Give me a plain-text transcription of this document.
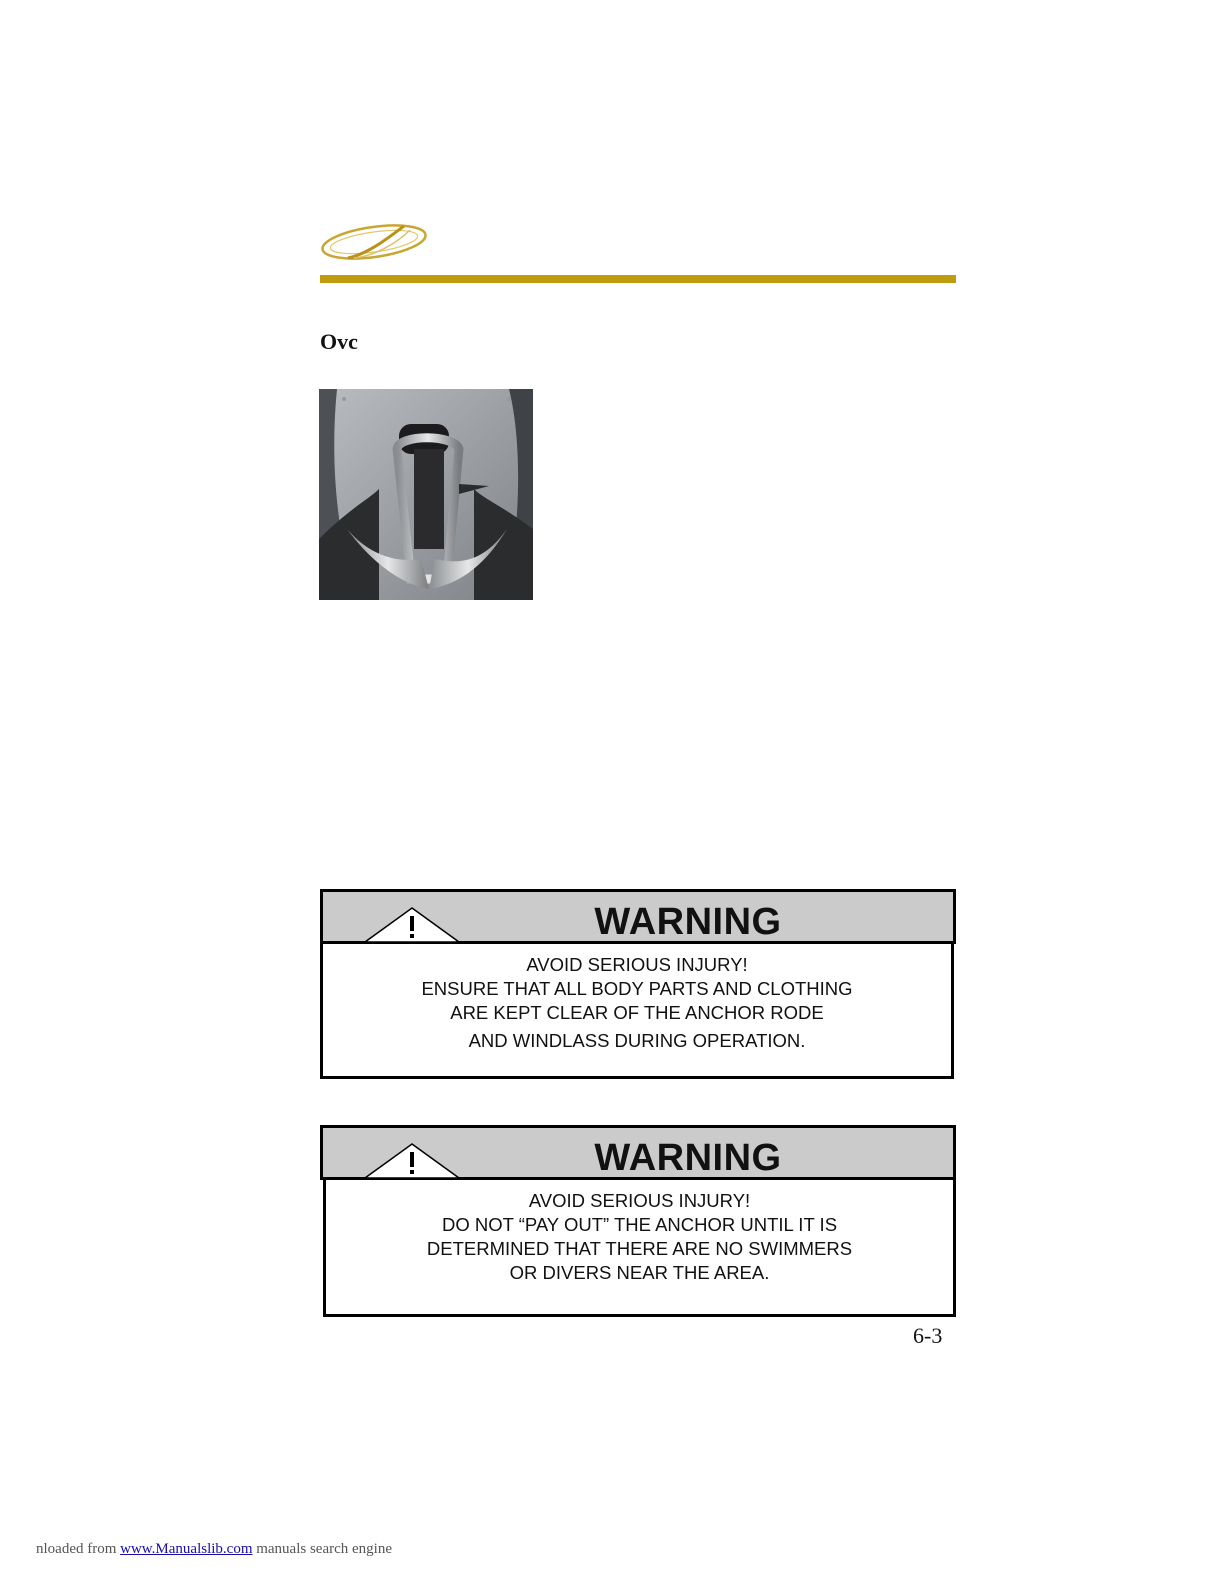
Ovc
WARNING
AVOID SERIOUS INJURY!
ENSURE THAT ALL BODY PARTS AND CLOTHING
ARE KEPT CLEAR OF THE ANCHOR RODE
AND WINDLASS DURING OPERATION.
WARNING
AVOID SERIOUS INJURY!
DO NOT “PAY OUT” THE ANCHOR UNTIL IT IS
DETERMINED THAT THERE ARE NO SWIMMERS
OR DIVERS NEAR THE AREA.
6-3
nloaded from www.Manualslib.com manuals search engine
